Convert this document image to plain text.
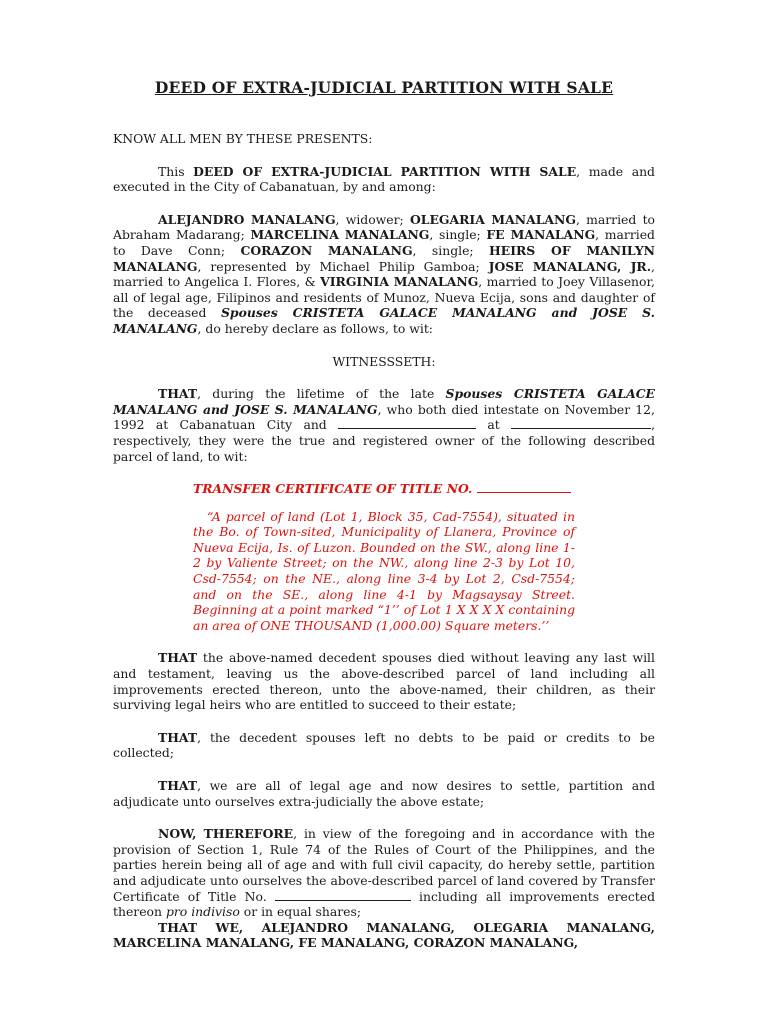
DEED OF EXTRA-JUDICIAL PARTITION WITH SALE

KNOW ALL MEN BY THESE PRESENTS:

This DEED OF EXTRA-JUDICIAL PARTITION WITH SALE, made and executed in the City of Cabanatuan, by and among:

ALEJANDRO MANALANG, widower; OLEGARIA MANALANG, married to Abraham Madarang; MARCELINA MANALANG, single; FE MANALANG, married to Dave Conn; CORAZON MANALANG, single; HEIRS OF MANILYN MANALANG, represented by Michael Philip Gamboa; JOSE MANALANG, JR., married to Angelica I. Flores, & VIRGINIA MANALANG, married to Joey Villasenor, all of legal age, Filipinos and residents of Munoz, Nueva Ecija, sons and daughter of the deceased Spouses CRISTETA GALACE MANALANG and JOSE S. MANALANG, do hereby declare as follows, to wit:

WITNESSSETH:

THAT, during the lifetime of the late Spouses CRISTETA GALACE MANALANG and JOSE S. MANALANG, who both died intestate on November 12, 1992 at Cabanatuan City and	at	, respectively, they were the true and registered owner of the following described parcel of land, to wit:

TRANSFER CERTIFICATE OF TITLE NO.

“A parcel of land (Lot 1, Block 35, Cad-7554), situated in the Bo. of Town-sited, Municipality of Llanera, Province of Nueva Ecija, Is. of Luzon. Bounded on the SW., along line 1-2 by Valiente Street; on the NW., along line 2-3 by Lot 10, Csd-7554; on the NE., along line 3-4 by Lot 2, Csd-7554; and on the SE., along line 4-1 by Magsaysay Street. Beginning at a point marked “1’’ of Lot 1 X X X X containing an area of ONE THOUSAND (1,000.00) Square meters.’’

THAT the above-named decedent spouses died without leaving any last will and testament, leaving us the above-described parcel of land including all improvements erected thereon, unto the above-named, their children, as their surviving legal heirs who are entitled to succeed to their estate;

THAT, the decedent spouses left no debts to be paid or credits to be collected;

THAT, we are all of legal age and now desires to settle, partition and adjudicate unto ourselves extra-judicially the above estate;

NOW, THEREFORE, in view of the foregoing and in accordance with the provision of Section 1, Rule 74 of the Rules of Court of the Philippines, and the parties herein being all of age and with full civil capacity, do hereby settle, partition and adjudicate unto ourselves the above-described parcel of land covered by Transfer Certificate of Title No.	including all improvements erected thereon pro indiviso or in equal shares;

THAT WE, ALEJANDRO MANALANG, OLEGARIA MANALANG, MARCELINA MANALANG, FE MANALANG, CORAZON MANALANG,
